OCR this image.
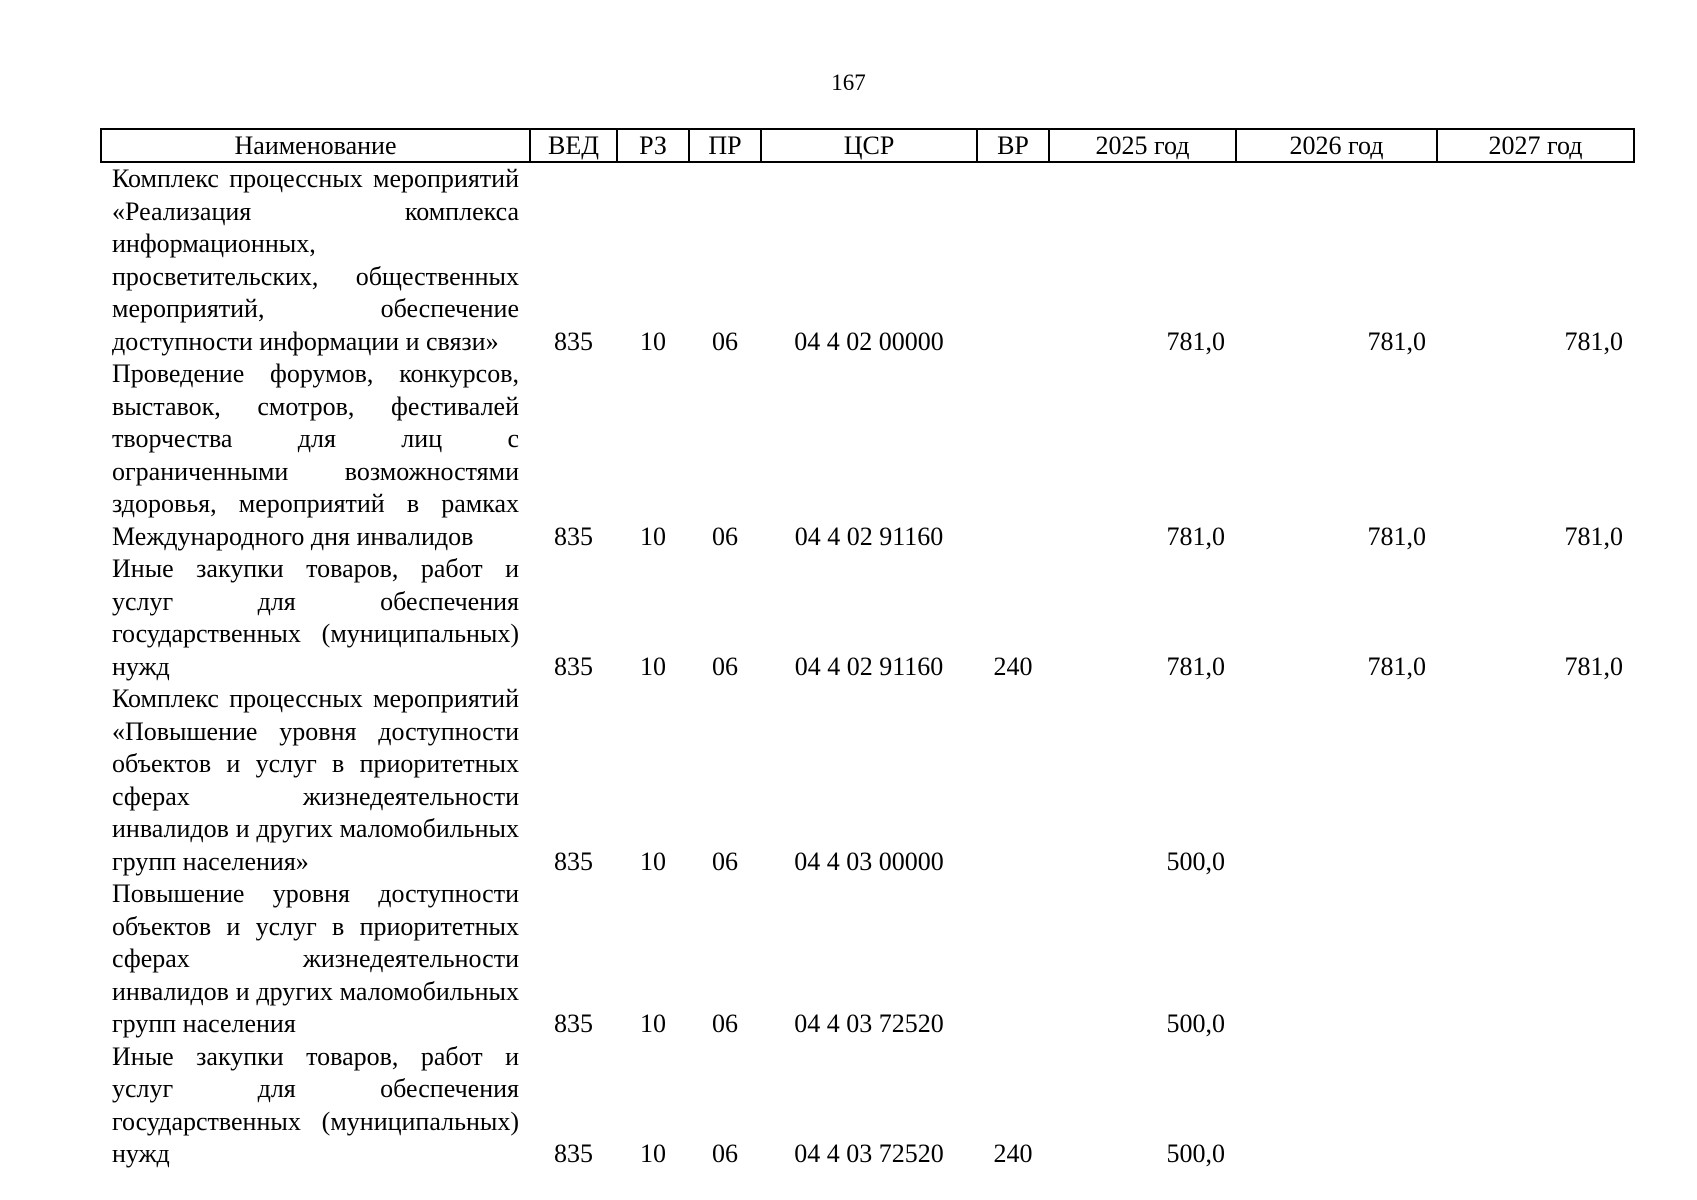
167
Наименование	ВЕД	РЗ	ПР	ЦСР	ВР	2025 год	2026 год	2027 год
Комплекс процессных мероприятий «Реализация комплекса информационных, просветительских, общественных мероприятий, обеспечение доступности информации и связи»	835	10	06	04 4 02 00000		781,0	781,0	781,0
Проведение форумов, конкурсов, выставок, смотров, фестивалей творчества для лиц с ограниченными возможностями здоровья, мероприятий в рамках Международного дня инвалидов	835	10	06	04 4 02 91160		781,0	781,0	781,0
Иные закупки товаров, работ и услуг для обеспечения государственных (муниципальных) нужд	835	10	06	04 4 02 91160	240	781,0	781,0	781,0
Комплекс процессных мероприятий «Повышение уровня доступности объектов и услуг в приоритетных сферах жизнедеятельности инвалидов и других маломобильных групп населения»	835	10	06	04 4 03 00000		500,0		
Повышение уровня доступности объектов и услуг в приоритетных сферах жизнедеятельности инвалидов и других маломобильных групп населения	835	10	06	04 4 03 72520		500,0		
Иные закупки товаров, работ и услуг для обеспечения государственных (муниципальных) нужд	835	10	06	04 4 03 72520	240	500,0		
